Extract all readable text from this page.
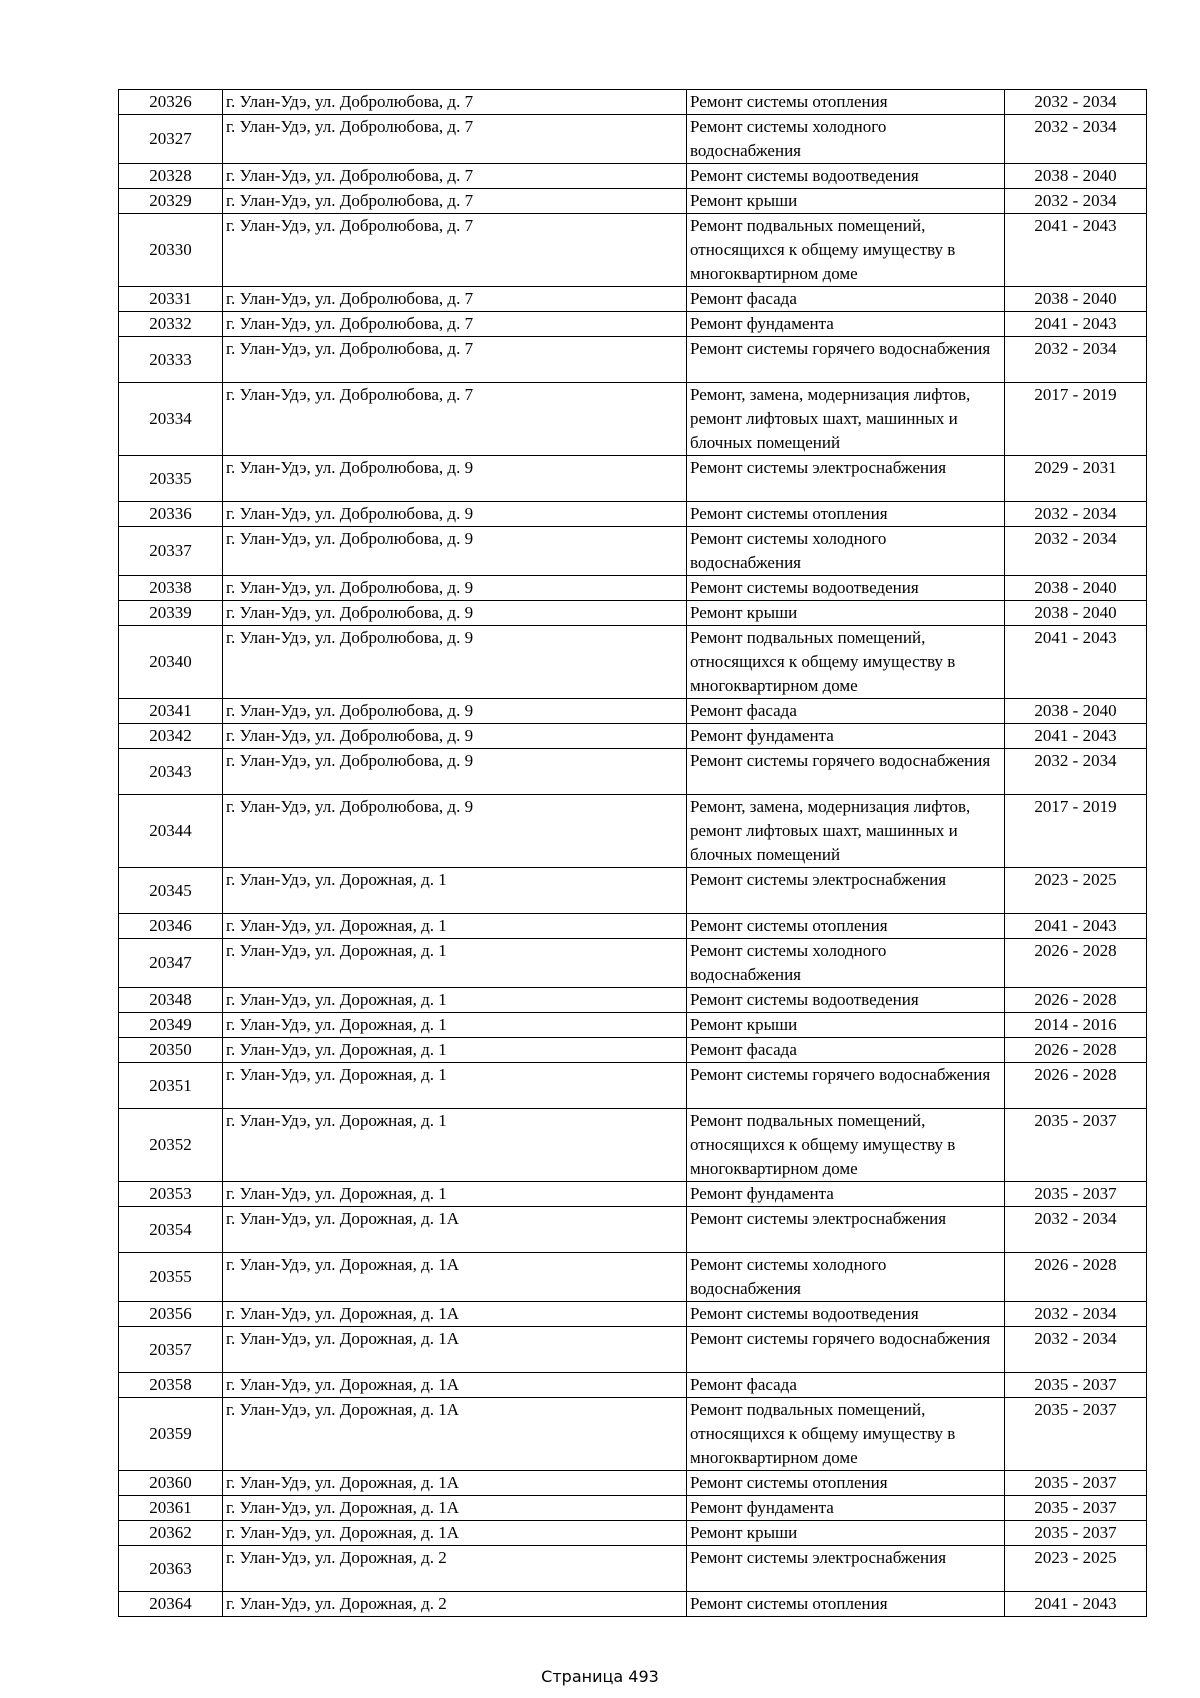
20326	г. Улан-Удэ, ул. Добролюбова, д. 7	Ремонт системы отопления	2032 - 2034
20327	г. Улан-Удэ, ул. Добролюбова, д. 7	Ремонт системы холодного водоснабжения	2032 - 2034
20328	г. Улан-Удэ, ул. Добролюбова, д. 7	Ремонт системы водоотведения	2038 - 2040
20329	г. Улан-Удэ, ул. Добролюбова, д. 7	Ремонт крыши	2032 - 2034
20330	г. Улан-Удэ, ул. Добролюбова, д. 7	Ремонт подвальных помещений, относящихся к общему имуществу в многоквартирном доме	2041 - 2043
20331	г. Улан-Удэ, ул. Добролюбова, д. 7	Ремонт фасада	2038 - 2040
20332	г. Улан-Удэ, ул. Добролюбова, д. 7	Ремонт фундамента	2041 - 2043
20333	г. Улан-Удэ, ул. Добролюбова, д. 7	Ремонт системы горячего водоснабжения	2032 - 2034
20334	г. Улан-Удэ, ул. Добролюбова, д. 7	Ремонт, замена, модернизация лифтов, ремонт лифтовых шахт, машинных и блочных помещений	2017 - 2019
20335	г. Улан-Удэ, ул. Добролюбова, д. 9	Ремонт системы электроснабжения	2029 - 2031
20336	г. Улан-Удэ, ул. Добролюбова, д. 9	Ремонт системы отопления	2032 - 2034
20337	г. Улан-Удэ, ул. Добролюбова, д. 9	Ремонт системы холодного водоснабжения	2032 - 2034
20338	г. Улан-Удэ, ул. Добролюбова, д. 9	Ремонт системы водоотведения	2038 - 2040
20339	г. Улан-Удэ, ул. Добролюбова, д. 9	Ремонт крыши	2038 - 2040
20340	г. Улан-Удэ, ул. Добролюбова, д. 9	Ремонт подвальных помещений, относящихся к общему имуществу в многоквартирном доме	2041 - 2043
20341	г. Улан-Удэ, ул. Добролюбова, д. 9	Ремонт фасада	2038 - 2040
20342	г. Улан-Удэ, ул. Добролюбова, д. 9	Ремонт фундамента	2041 - 2043
20343	г. Улан-Удэ, ул. Добролюбова, д. 9	Ремонт системы горячего водоснабжения	2032 - 2034
20344	г. Улан-Удэ, ул. Добролюбова, д. 9	Ремонт, замена, модернизация лифтов, ремонт лифтовых шахт, машинных и блочных помещений	2017 - 2019
20345	г. Улан-Удэ, ул. Дорожная, д. 1	Ремонт системы электроснабжения	2023 - 2025
20346	г. Улан-Удэ, ул. Дорожная, д. 1	Ремонт системы отопления	2041 - 2043
20347	г. Улан-Удэ, ул. Дорожная, д. 1	Ремонт системы холодного водоснабжения	2026 - 2028
20348	г. Улан-Удэ, ул. Дорожная, д. 1	Ремонт системы водоотведения	2026 - 2028
20349	г. Улан-Удэ, ул. Дорожная, д. 1	Ремонт крыши	2014 - 2016
20350	г. Улан-Удэ, ул. Дорожная, д. 1	Ремонт фасада	2026 - 2028
20351	г. Улан-Удэ, ул. Дорожная, д. 1	Ремонт системы горячего водоснабжения	2026 - 2028
20352	г. Улан-Удэ, ул. Дорожная, д. 1	Ремонт подвальных помещений, относящихся к общему имуществу в многоквартирном доме	2035 - 2037
20353	г. Улан-Удэ, ул. Дорожная, д. 1	Ремонт фундамента	2035 - 2037
20354	г. Улан-Удэ, ул. Дорожная, д. 1А	Ремонт системы электроснабжения	2032 - 2034
20355	г. Улан-Удэ, ул. Дорожная, д. 1А	Ремонт системы холодного водоснабжения	2026 - 2028
20356	г. Улан-Удэ, ул. Дорожная, д. 1А	Ремонт системы водоотведения	2032 - 2034
20357	г. Улан-Удэ, ул. Дорожная, д. 1А	Ремонт системы горячего водоснабжения	2032 - 2034
20358	г. Улан-Удэ, ул. Дорожная, д. 1А	Ремонт фасада	2035 - 2037
20359	г. Улан-Удэ, ул. Дорожная, д. 1А	Ремонт подвальных помещений, относящихся к общему имуществу в многоквартирном доме	2035 - 2037
20360	г. Улан-Удэ, ул. Дорожная, д. 1А	Ремонт системы отопления	2035 - 2037
20361	г. Улан-Удэ, ул. Дорожная, д. 1А	Ремонт фундамента	2035 - 2037
20362	г. Улан-Удэ, ул. Дорожная, д. 1А	Ремонт крыши	2035 - 2037
20363	г. Улан-Удэ, ул. Дорожная, д. 2	Ремонт системы электроснабжения	2023 - 2025
20364	г. Улан-Удэ, ул. Дорожная, д. 2	Ремонт системы отопления	2041 - 2043
Страница 493
